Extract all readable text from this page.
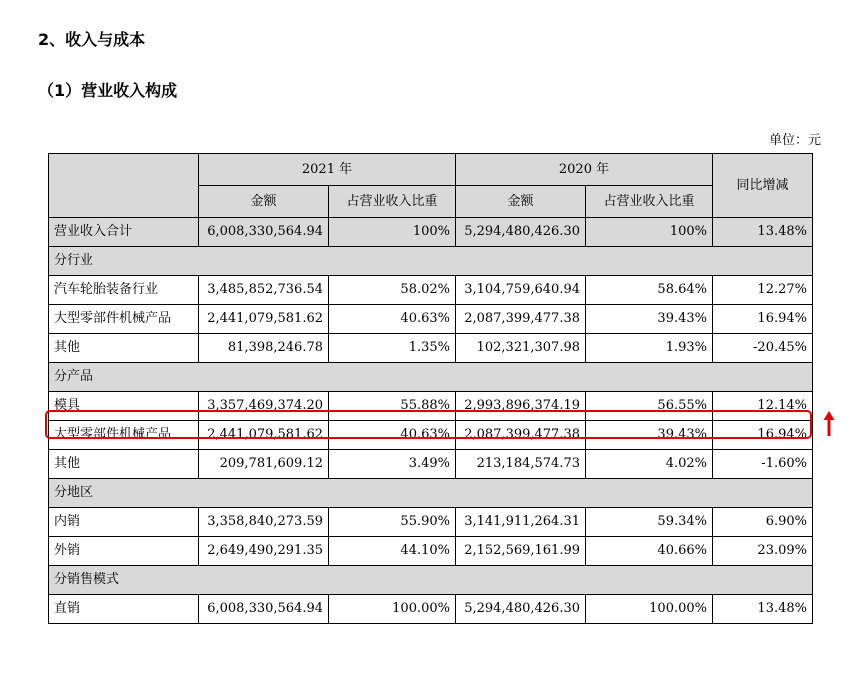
2、收入与成本
（1）营业收入构成
单位：元
	2021 年		2020 年		同比增减
	金额	占营业收入比重	金额	占营业收入比重	
营业收入合计	6,008,330,564.94	100%	5,294,480,426.30	100%	13.48%
分行业					
汽车轮胎装备行业	3,485,852,736.54	58.02%	3,104,759,640.94	58.64%	12.27%
大型零部件机械产品	2,441,079,581.62	40.63%	2,087,399,477.38	39.43%	16.94%
其他	81,398,246.78	1.35%	102,321,307.98	1.93%	-20.45%
分产品					
模具	3,357,469,374.20	55.88%	2,993,896,374.19	56.55%	12.14%
大型零部件机械产品	2,441,079,581.62	40.63%	2,087,399,477.38	39.43%	16.94%
其他	209,781,609.12	3.49%	213,184,574.73	4.02%	-1.60%
分地区					
内销	3,358,840,273.59	55.90%	3,141,911,264.31	59.34%	6.90%
外销	2,649,490,291.35	44.10%	2,152,569,161.99	40.66%	23.09%
分销售模式					
直销	6,008,330,564.94	100.00%	5,294,480,426.30	100.00%	13.48%
